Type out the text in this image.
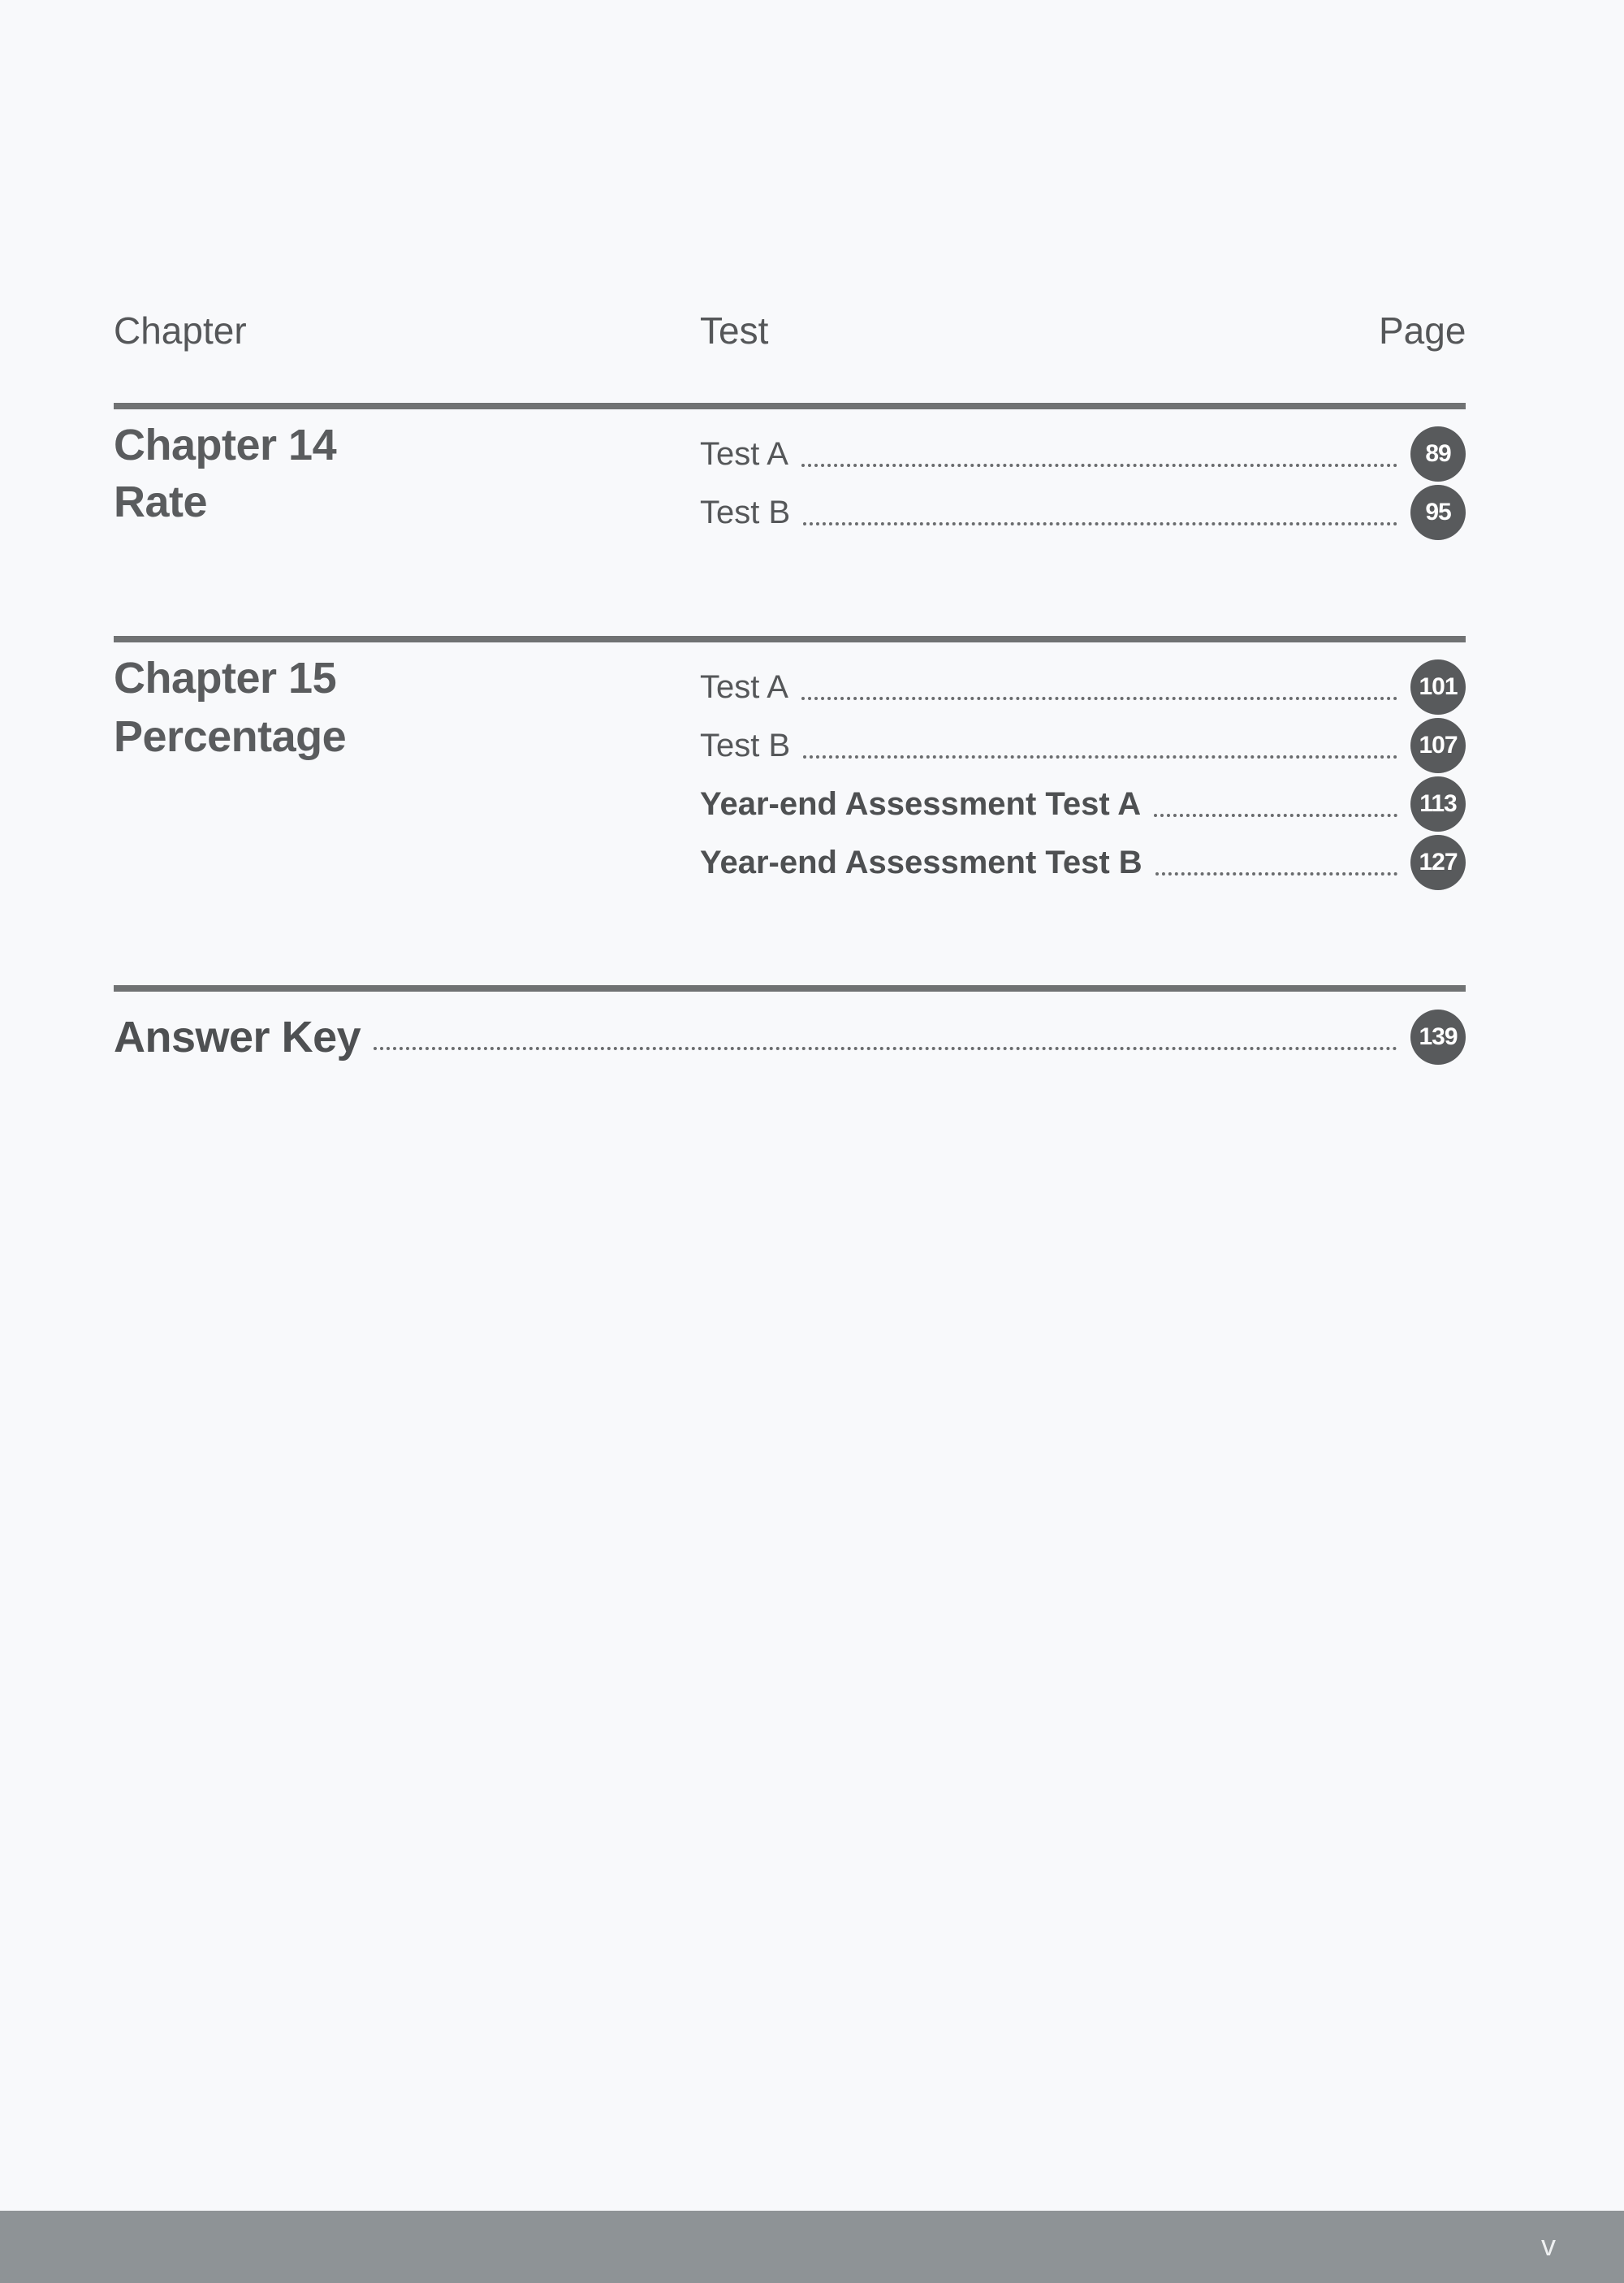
Chapter	Test	Page
Chapter 14
Rate
Test A	89
Test B	95
Chapter 15
Percentage
Test A	101
Test B	107
Year-end Assessment Test A	113
Year-end Assessment Test B	127
Answer Key	139
v
